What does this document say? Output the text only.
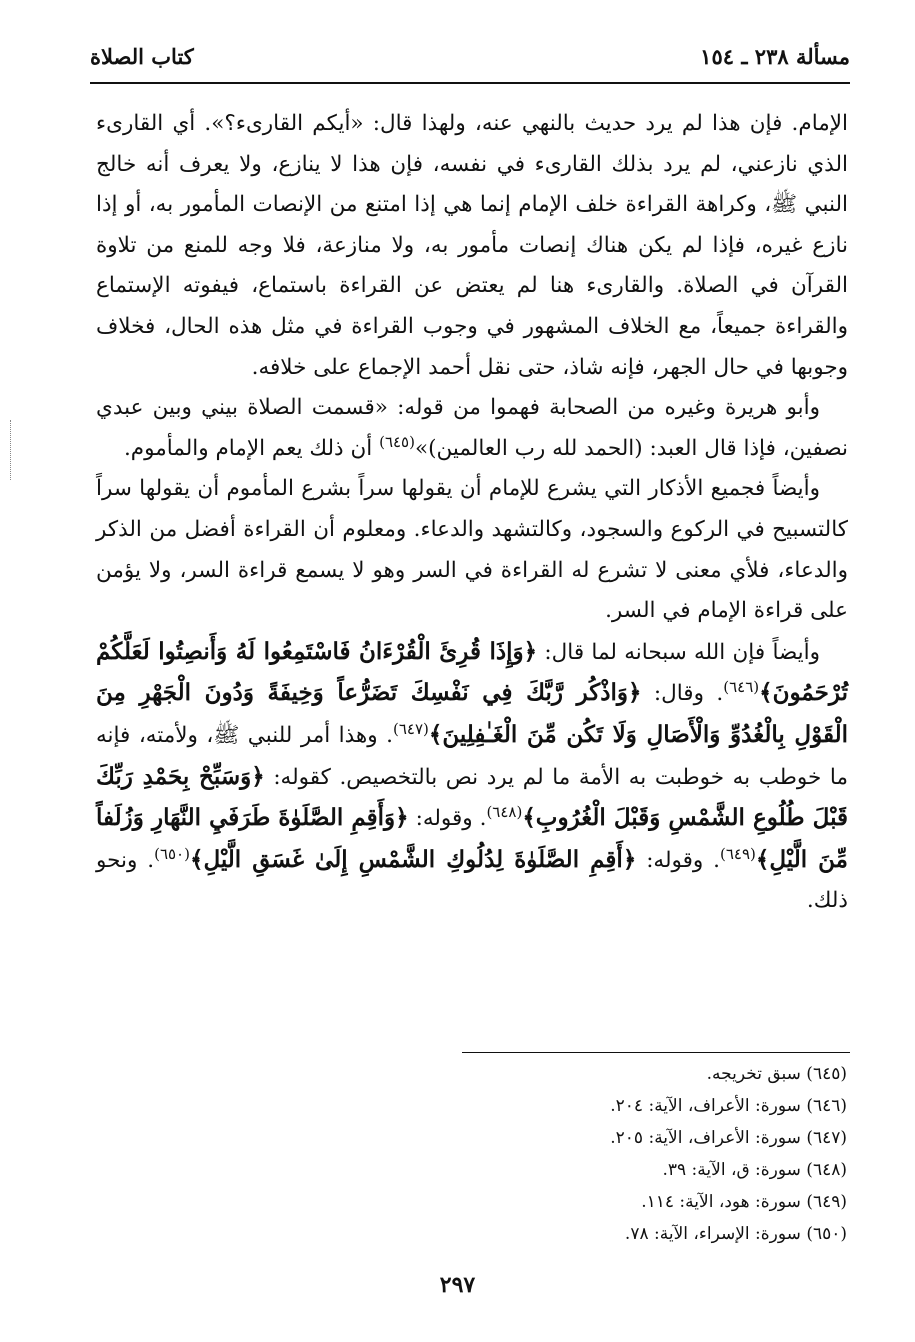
مسألة ٢٣٨ ـ ١٥٤
كتاب الصلاة

الإمام. فإن هذا لم يرد حديث بالنهي عنه، ولهذا قال: «أيكم القارىء؟». أي القارىء الذي نازعني، لم يرد بذلك القارىء في نفسه، فإن هذا لا ينازع، ولا يعرف أنه خالج النبي ﷺ، وكراهة القراءة خلف الإمام إنما هي إذا امتنع من الإنصات المأمور به، أو إذا نازع غيره، فإذا لم يكن هناك إنصات مأمور به، ولا منازعة، فلا وجه للمنع من تلاوة القرآن في الصلاة. والقارىء هنا لم يعتض عن القراءة باستماع، فيفوته الإستماع والقراءة جميعاً، مع الخلاف المشهور في وجوب القراءة في مثل هذه الحال، فخلاف وجوبها في حال الجهر، فإنه شاذ، حتى نقل أحمد الإجماع على خلافه.

وأبو هريرة وغيره من الصحابة فهموا من قوله: «قسمت الصلاة بيني وبين عبدي نصفين، فإذا قال العبد: (الحمد لله رب العالمين)»$^{(٦٤٥)}$ أن ذلك يعم الإمام والمأموم.

وأيضاً فجميع الأذكار التي يشرع للإمام أن يقولها سراً بشرع المأموم أن يقولها سراً كالتسبيح في الركوع والسجود، وكالتشهد والدعاء. ومعلوم أن القراءة أفضل من الذكر والدعاء، فلأي معنى لا تشرع له القراءة في السر وهو لا يسمع قراءة السر، ولا يؤمن على قراءة الإمام في السر.

وأيضاً فإن الله سبحانه لما قال: ﴿وَإِذَا قُرِئَ الْقُرْءَانُ فَاسْتَمِعُوا لَهُ وَأَنصِتُوا لَعَلَّكُمْ تُرْحَمُونَ﴾$^{(٦٤٦)}$. وقال: ﴿وَاذْكُر رَّبَّكَ فِي نَفْسِكَ تَضَرُّعاً وَخِيفَةً وَدُونَ الْجَهْرِ مِنَ الْقَوْلِ بِالْغُدُوِّ وَالْأَصَالِ وَلَا تَكُن مِّنَ الْغَـٰفِلِينَ﴾$^{(٦٤٧)}$. وهذا أمر للنبي ﷺ، ولأمته، فإنه ما خوطب به خوطبت به الأمة ما لم يرد نص بالتخصيص. كقوله: ﴿وَسَبِّحْ بِحَمْدِ رَبِّكَ قَبْلَ طُلُوعِ الشَّمْسِ وَقَبْلَ الْغُرُوبِ﴾$^{(٦٤٨)}$. وقوله: ﴿وَأَقِمِ الصَّلَوٰةَ طَرَفَيِ النَّهَارِ وَزُلَفاً مِّنَ الَّيْلِ﴾$^{(٦٤٩)}$. وقوله: ﴿أَقِمِ الصَّلَوٰةَ لِدُلُوكِ الشَّمْسِ إِلَىٰ غَسَقِ الَّيْلِ﴾$^{(٦٥٠)}$. ونحو ذلك.

(٦٤٥) سبق تخريجه.
(٦٤٦) سورة: الأعراف، الآية: ٢٠٤.
(٦٤٧) سورة: الأعراف، الآية: ٢٠٥.
(٦٤٨) سورة: ق، الآية: ٣٩.
(٦٤٩) سورة: هود، الآية: ١١٤.
(٦٥٠) سورة: الإسراء، الآية: ٧٨.
٢٩٧
